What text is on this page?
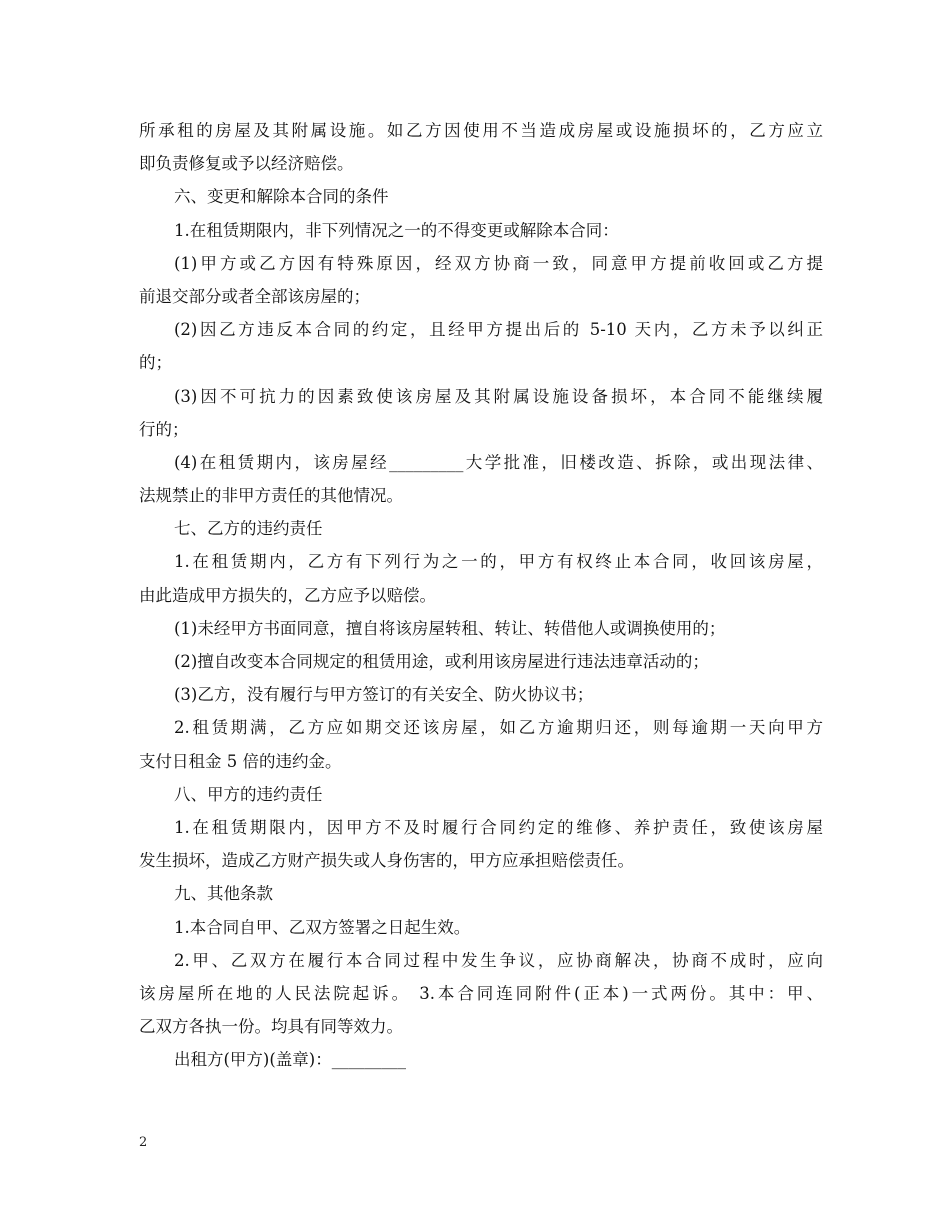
所承租的房屋及其附属设施。如乙方因使用不当造成房屋或设施损坏的，乙方应立
即负责修复或予以经济赔偿。
六、变更和解除本合同的条件
1.在租赁期限内，非下列情况之一的不得变更或解除本合同：
(1)甲方或乙方因有特殊原因，经双方协商一致，同意甲方提前收回或乙方提
前退交部分或者全部该房屋的；
(2)因乙方违反本合同的约定，且经甲方提出后的 5-10 天内，乙方未予以纠正
的；
(3)因不可抗力的因素致使该房屋及其附属设施设备损坏，本合同不能继续履
行的；
(4)在租赁期内，该房屋经_________大学批准，旧楼改造、拆除，或出现法律、
法规禁止的非甲方责任的其他情况。
七、乙方的违约责任
1.在租赁期内，乙方有下列行为之一的，甲方有权终止本合同，收回该房屋，
由此造成甲方损失的，乙方应予以赔偿。
(1)未经甲方书面同意，擅自将该房屋转租、转让、转借他人或调换使用的；
(2)擅自改变本合同规定的租赁用途，或利用该房屋进行违法违章活动的；
(3)乙方，没有履行与甲方签订的有关安全、防火协议书；
2.租赁期满，乙方应如期交还该房屋，如乙方逾期归还，则每逾期一天向甲方
支付日租金 5 倍的违约金。
八、甲方的违约责任
1.在租赁期限内，因甲方不及时履行合同约定的维修、养护责任，致使该房屋
发生损坏，造成乙方财产损失或人身伤害的，甲方应承担赔偿责任。
九、其他条款
1.本合同自甲、乙双方签署之日起生效。
2.甲、乙双方在履行本合同过程中发生争议，应协商解决，协商不成时，应向
该房屋所在地的人民法院起诉。 3.本合同连同附件(正本)一式两份。其中：甲、
乙双方各执一份。均具有同等效力。
出租方(甲方)(盖章)：_________
2
